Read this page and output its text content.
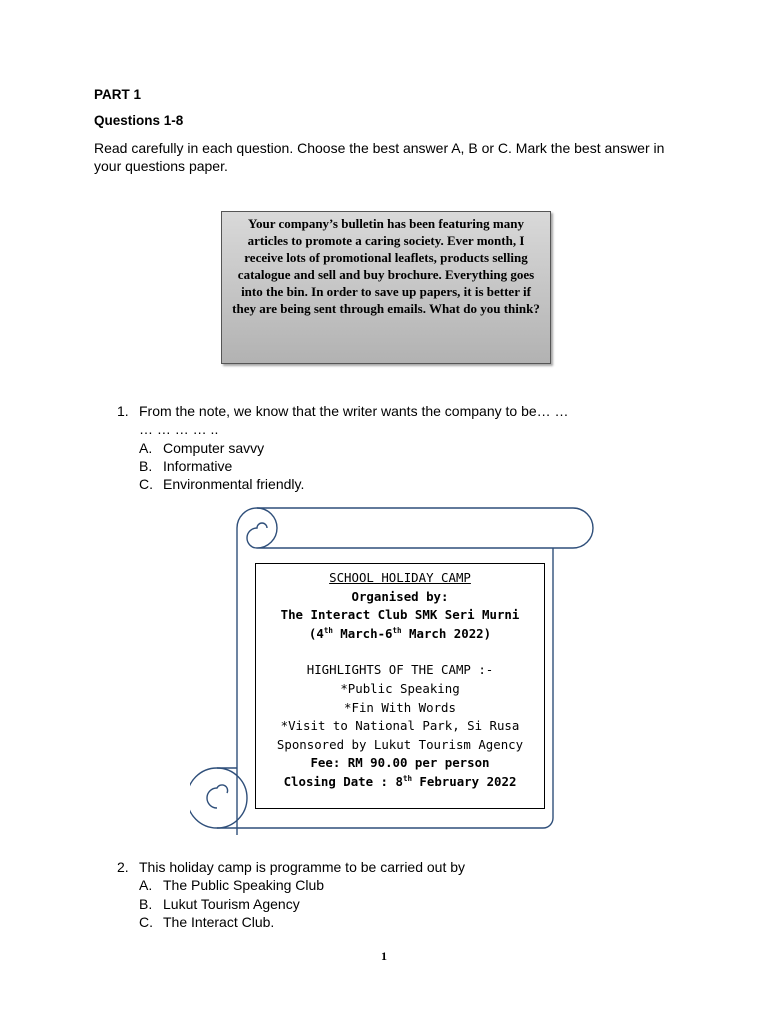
PART 1
Questions 1-8
Read carefully in each question. Choose the best answer A, B or C. Mark the best answer in your questions paper.

Your company’s bulletin has been featuring many articles to promote a caring society. Ever month, I receive lots of promotional leaflets, products selling catalogue and sell and buy brochure. Everything goes into the bin. In order to save up papers, it is better if they are being sent through emails. What do you think?

1. From the note, we know that the writer wants the company to be… … … … … … ..
A. Computer savvy
B. Informative
C. Environmental friendly.
SCHOOL HOLIDAY CAMP
Organised by:
The Interact Club SMK Seri Murni
(4th March-6th March 2022)
HIGHLIGHTS OF THE CAMP :-
*Public Speaking
*Fin With Words
*Visit to National Park, Si Rusa
Sponsored by Lukut Tourism Agency
Fee: RM 90.00 per person
Closing Date : 8th February 2022
2. This holiday camp is programme to be carried out by
A. The Public Speaking Club
B. Lukut Tourism Agency
C. The Interact Club.
1
